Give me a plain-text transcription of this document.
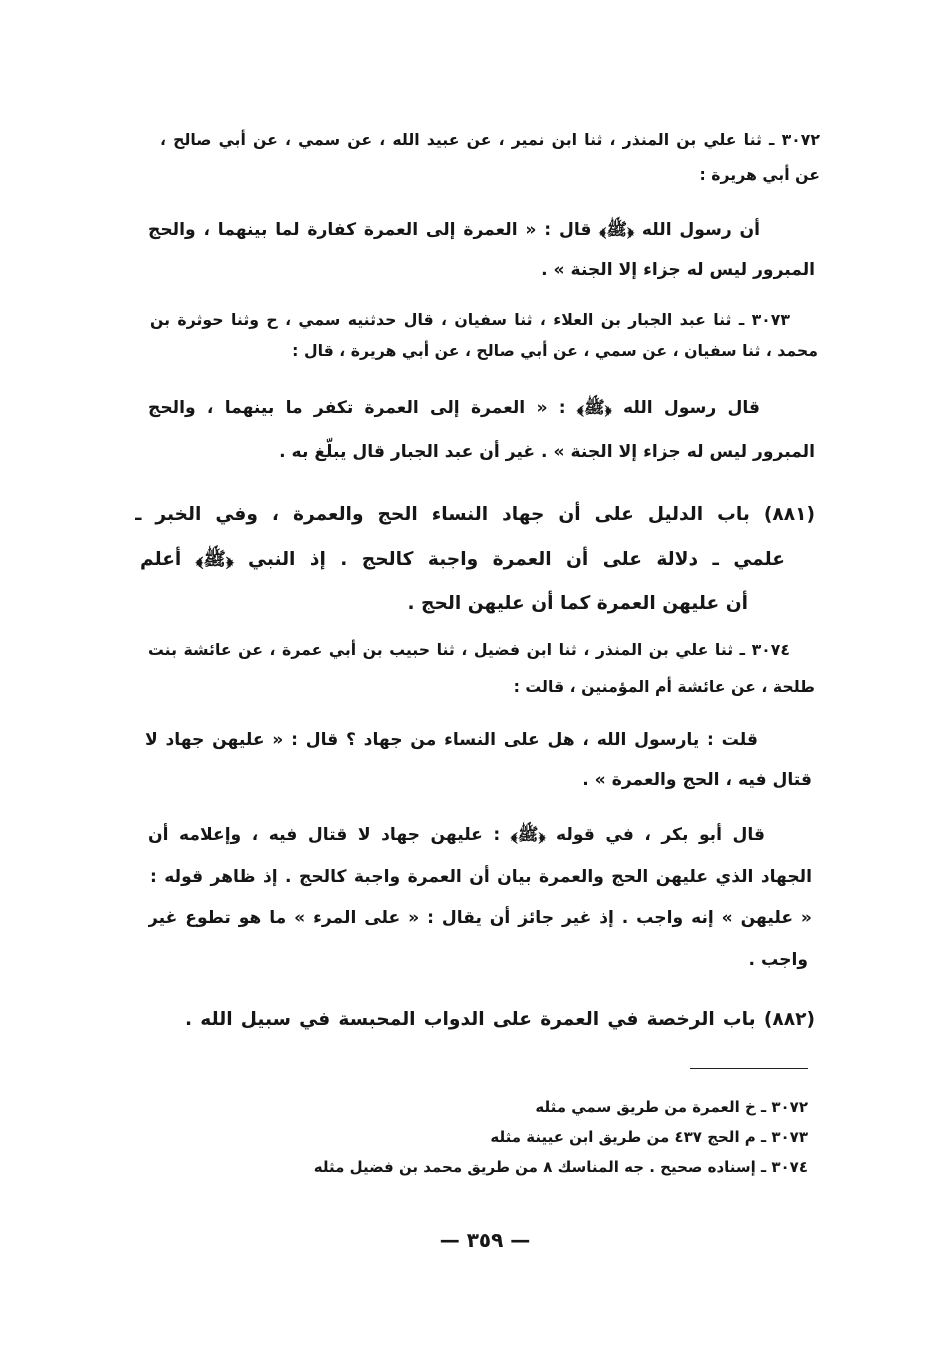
٣٠٧٢ ـ ثنا علي بن المنذر ، ثنا ابن نمير ، عن عبيد الله ، عن سمي ، عن أبي صالح ،
عن أبي هريرة :
أن رسول الله ﴿ﷺ﴾ قال : « العمرة إلى العمرة كفارة لما بينهما ، والحج
المبرور ليس له جزاء إلا الجنة » .
٣٠٧٣ ـ ثنا عبد الجبار بن العلاء ، ثنا سفيان ، قال حدثنيه سمي ، ح وثنا حوثرة بن
محمد ، ثنا سفيان ، عن سمي ، عن أبي صالح ، عن أبي هريرة ، قال :
قال رسول الله ﴿ﷺ﴾ : « العمرة إلى العمرة تكفر ما بينهما ، والحج
المبرور ليس له جزاء إلا الجنة » . غير أن عبد الجبار قال يبلّغ به .
(٨٨١) باب الدليل على أن جهاد النساء الحج والعمرة ، وفي الخبر ـ
علمي ـ دلالة على أن العمرة واجبة كالحج . إذ النبي ﴿ﷺ﴾ أعلم
أن عليهن العمرة كما أن عليهن الحج .
٣٠٧٤ ـ ثنا علي بن المنذر ، ثنا ابن فضيل ، ثنا حبيب بن أبي عمرة ، عن عائشة بنت
طلحة ، عن عائشة أم المؤمنين ، قالت :
قلت : يارسول الله ، هل على النساء من جهاد ؟ قال : « عليهن جهاد لا
قتال فيه ، الحج والعمرة » .
قال أبو بكر ، في قوله ﴿ﷺ﴾ : عليهن جهاد لا قتال فيه ، وإعلامه أن
الجهاد الذي عليهن الحج والعمرة بيان أن العمرة واجبة كالحج . إذ ظاهر قوله :
« عليهن » إنه واجب . إذ غير جائز أن يقال : « على المرء » ما هو تطوع غير
واجب .
(٨٨٢) باب الرخصة في العمرة على الدواب المحبسة في سبيل الله .
٣٠٧٢ ـ خ العمرة من طريق سمي مثله
٣٠٧٣ ـ م الحج ٤٣٧ من طريق ابن عيينة مثله
٣٠٧٤ ـ إسناده صحيح . جه المناسك ٨ من طريق محمد بن فضيل مثله
— ٣٥٩ —
